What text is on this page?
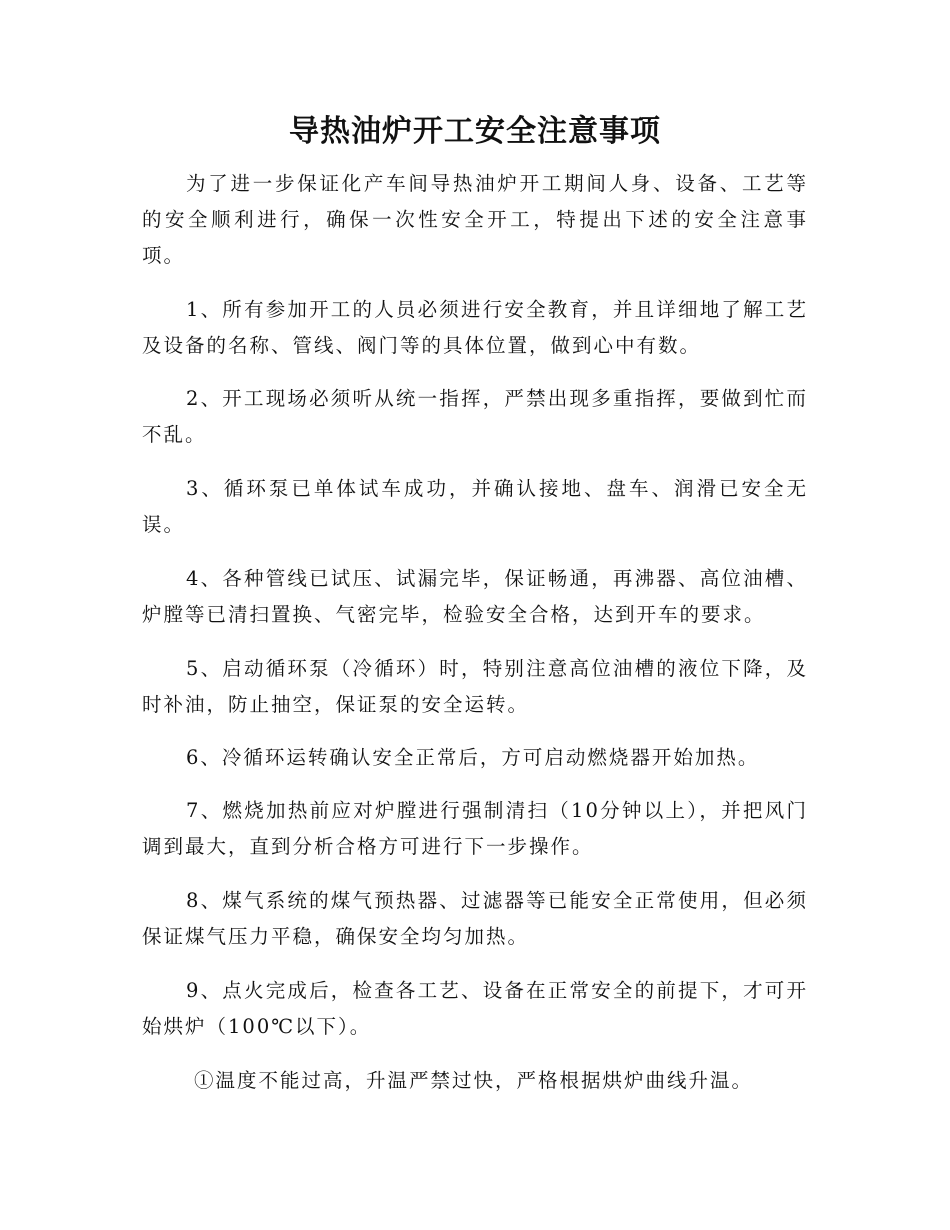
导热油炉开工安全注意事项

为了进一步保证化产车间导热油炉开工期间人身、设备、工艺等的安全顺利进行，确保一次性安全开工，特提出下述的安全注意事项。

1、所有参加开工的人员必须进行安全教育，并且详细地了解工艺及设备的名称、管线、阀门等的具体位置，做到心中有数。

2、开工现场必须听从统一指挥，严禁出现多重指挥，要做到忙而不乱。

3、循环泵已单体试车成功，并确认接地、盘车、润滑已安全无误。

4、各种管线已试压、试漏完毕，保证畅通，再沸器、高位油槽、炉膛等已清扫置换、气密完毕，检验安全合格，达到开车的要求。

5、启动循环泵（冷循环）时，特别注意高位油槽的液位下降，及时补油，防止抽空，保证泵的安全运转。

6、冷循环运转确认安全正常后，方可启动燃烧器开始加热。

7、燃烧加热前应对炉膛进行强制清扫（10分钟以上），并把风门调到最大，直到分析合格方可进行下一步操作。

8、煤气系统的煤气预热器、过滤器等已能安全正常使用，但必须保证煤气压力平稳，确保安全均匀加热。

9、点火完成后，检查各工艺、设备在正常安全的前提下，才可开始烘炉（100℃以下）。

①温度不能过高，升温严禁过快，严格根据烘炉曲线升温。
